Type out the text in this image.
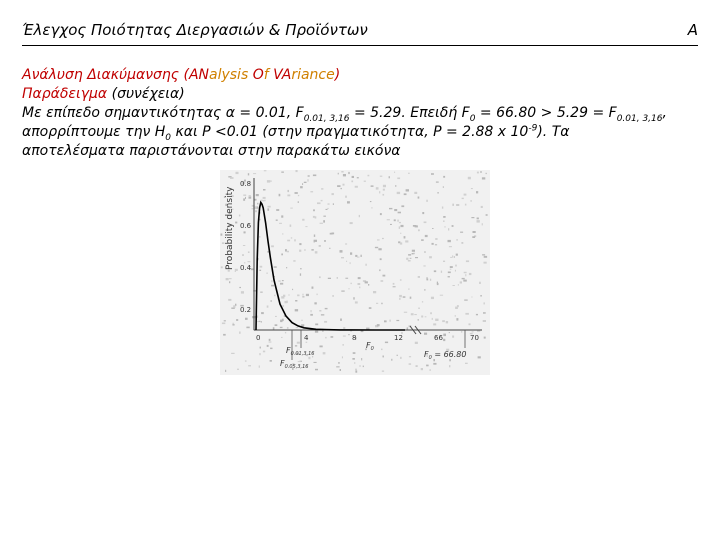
Έλεγχος Ποιότητας Διεργασιών & Προϊόντων	A
Ανάλυση Διακύμανσης (ANalysis Of VAriance)
Παράδειγμα (συνέχεια)
Με επίπεδο σημαντικότητας α = 0.01, $F_{0.01, 3,16} = 5.29$. Επειδή $F_0 = 66.80 > 5.29 = F_{0.01, 3,16}$,
απορρίπτουμε την $H_0$ και P <0.01 (στην πραγματικότητα, P = 2.88 x $10^{-9}$). Τα
αποτελέσματα παριστάνονται στην παρακάτω εικόνα
Probability density
0.8
0.6
0.4
0.2
0	4	8	12	66	70
$F_{0.01,3,16}$
$F_{0.05,3,16}$
$F_0$
$F_0 = 66.80$
